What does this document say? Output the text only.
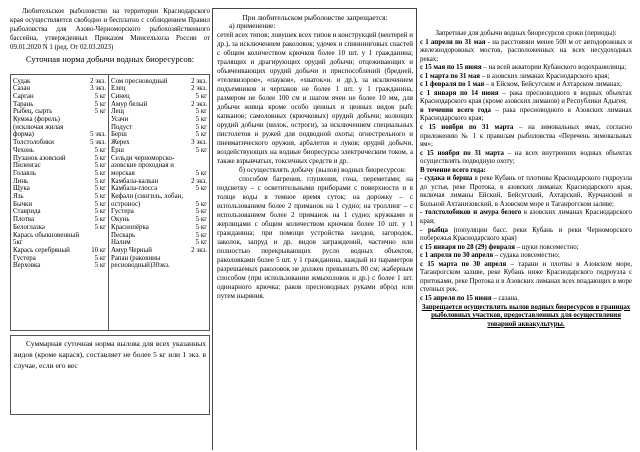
Любительское рыболовство на территории Краснодарского края осуществляется свободно и бесплатно с соблюдением Правил рыболовства для Азово-Черноморского рыбохозяйственного бассейна, утвержденных Приказом Минсельхоза России от 09.01.2020 N 1 (ред. От 02.03.2023)

Суточная норма добычи водных биоресурсов:

Судак	2 экз.
Сазан	3 экз.
Сарган	5 кг
Тарань	5 кг
Рыбец, сырть	5 кг
Кумжа (форель)
(исключая жилая
форма)	5 экз.
Толстолобики	5 экз.
Чехонь	5 кг
Пузанок азовский	5 кг
Пиленгас	5 кг
Голавль	5 кг
Линь	5 кг
Щука	5 кг
Язь	5 кг
Бычки	5 кг
Ставрида	5 кг
Плотва	5 кг
Белоглазка	5 кг
Карась обыкновенный
5кг
Карась серебряный	10 кг
Густера	5 кг
Верховка	5 кг
Сом пресноводный	2 экз.
Елец	2 экз.
Синец	5 кг
Амур белый	2 экз.
Лещ	5 кг
Усачи	5 кг
Подуст	5 кг
Берш	5 кг
Жерех	3 экз.
Ёрш	5 кг
Сельди черноморско-
азовские проходная и
морская	5 кг
Камбала-калкан	2 экз.
Камбала-глосса	5 кг
Кефали (сингиль, лобан,
остронос)	5 кг
Густера	5 кг
Окунь	5 кг
Краснопёрка	5 кг
Пескарь	5 кг
Налим	5 кг
Амур Черный	2 экз.
Рапан (раковины
ресноводный)30экз.
Суммарная суточная норма вылова для всех указанных видов (кроме карася), составляет не более 5 кг или 1 экз. в случае, если его вес

При любительском рыболовстве запрещается:

а) применение:

сетей всех типов; ловушек всех типов и конструкций (вентерей и др.), за исключением раколовок; удочек и спиннинговых снастей с общим количеством крючков более 10 шт. у 1 гражданина; тралящих и драгирующих орудий добычи; отцеживающих и объячеивающих орудий добычи и приспособлений (бредней, «телевизоров», «пауков», «хваток»и. и др.), за исключением подъемников и черпаков не более 1 шт. у 1 гражданина, размером не более 100 см и шагом ячеи не более 10 мм, для добычи живца кроме особо ценных и ценных видов рыб; капканов; самоловных (крючковых) орудий добычи; колющих орудий добычи (вилок, остроги), за исключением специальных пистолетов и ружей для подводной охоты; огнестрельного и пневматического оружия, арбалетов и луков; орудий добычи, воздействующих на водные биоресурсы электрическим током, а также взрывчатых, токсичных средств и др.

б) осуществлять добычу (вылов) водных биоресурсов:

способом багрения, глушения, гона, переметами; на подсветку – с осветительными приборами с поверхности и в толще воды в темное время суток; на дорожку – с использованием более 2 приманок на 1 судно; на троллинг – с использованием более 2 приманок на 1 судно; кружками и жерлицами с общим количеством крючков более 10 шт. у 1 гражданина; при помощи устройства заездов, загородок, заколок, запруд и др. видов заграждений, частично или полностью перекрывающих русло водных объектов, раколовками более 5 шт. у 1 гражданина, каждый из параметров разрешаемых раколовок не должен превышать 80 см; жаберным способом (при использовании жмыхоловок и др.) с более 1 шт. одинарного крючка; раков пресноводных руками вброд или путем ныряния.

Запретные для добычи водных биоресурсов сроки (периоды):

с 1 апреля по 31 мая - на расстоянии менее 500 м от автодорожных и железнодорожных мостов, расположенных на всех несудоходных реках;

с 15 мая по 15 июня – на всей акватории Кубанского водохранилища;

с 1 марта по 31 мая – в азовских лиманах Краснодарского края;

с 1 февраля по 1 мая – в Ейском, Бейсугском и Ахтарском лиманах;

с 1 января по 14 июня – рака пресноводного в водных объектах Краснодарского края (кроме азовских лиманов) и Республики Адыгея;

в течении всего года – рака пресноводного в Азовских лиманах Краснодарского края;

с 15 ноября по 31 марта – на зимовальных ямах, согласно приложению № 1 к правилам рыболовства «Перечень зимовальных ям»;

с 15 ноября по 31 марта – на всех внутренних водных объектах осуществлять подводную охоту;

В течение всего года:

- судака и берша в реке Кубань от плотины Краснодарского гидроузла до устья, реке Протока, в азовских лиманах Краснодарского края, включая лиманы Ейский, Бейсугский, Ахтарский, Курчанский и Больной Ахтанизовский, в Азовском море и Таганрогском заливе;

- толстолобиков и амура белого в азовских лиманах Краснодарского края;

- рыбца (популяции басс. реки Кубань и реки Черноморского побережья Краснодарского края)

с 15 января по 28 (29) февраля – щуки повсеместно;

с 1 апреля по 30 апреля – судака повсеместно;

с 15 марта по 30 апреля – тарани и плотвы в Азовском море, Таганрогском заливе, реке Кубань ниже Краснодарского гидроузла с притоками, реке Протока и в Азовских лиманах всех впадающих в море степных рек.

с 15 апреля по 15 июня – сазана.

Запрещается осуществлять вылов водных биоресурсов в границах рыболовных участков, предоставленных для осуществления товарной аквакультуры.
